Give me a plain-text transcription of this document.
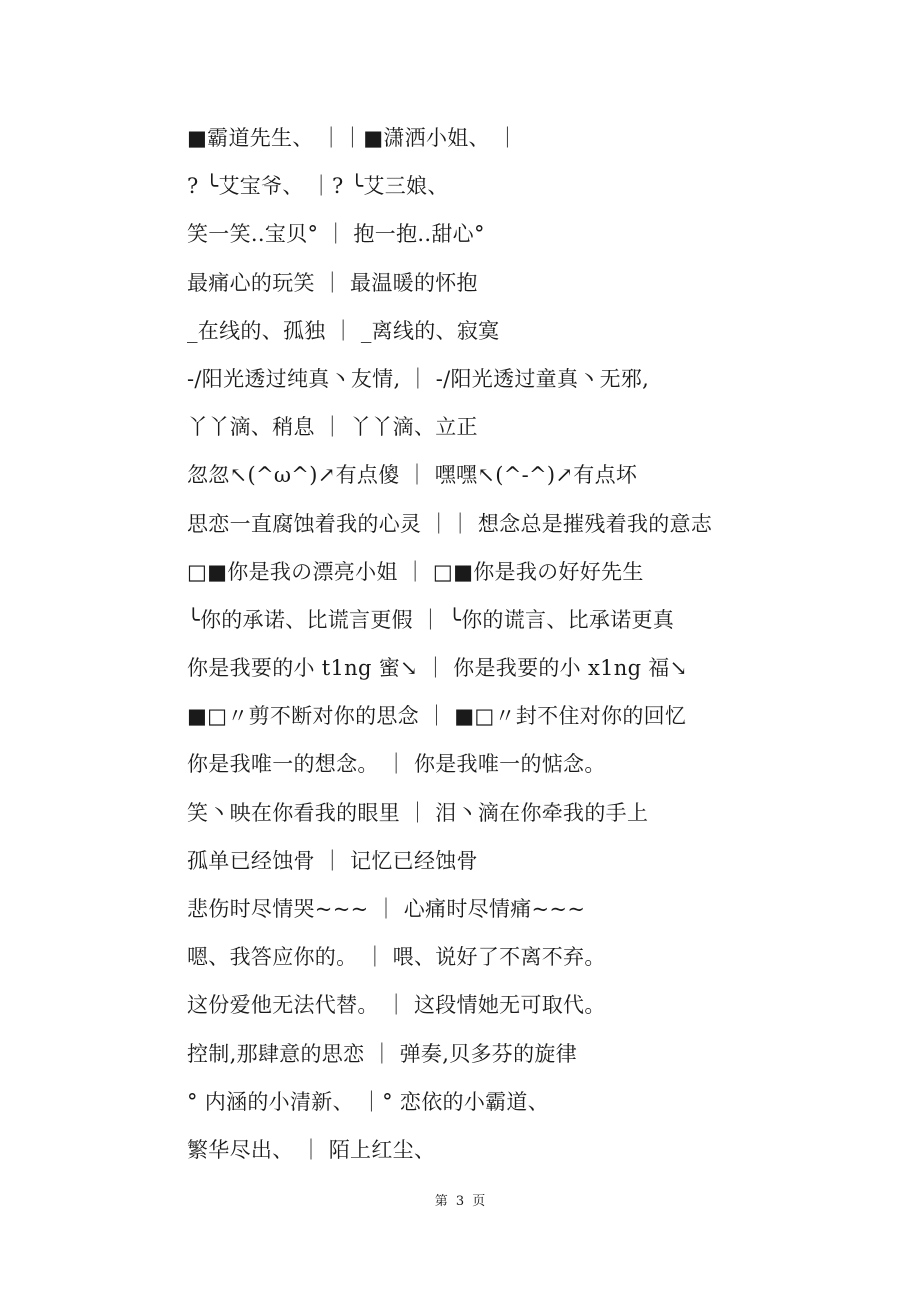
■霸道先生、 ｜｜■潇洒小姐、 ｜
? ╰艾宝爷、 ｜? ╰艾三娘、
笑一笑..宝贝° ｜ 抱一抱..甜心°
最痛心的玩笑 ｜ 最温暖的怀抱
_在线的、孤独 ｜ _离线的、寂寞
-/阳光透过纯真丶友情, ｜ -/阳光透过童真丶无邪,
丫丫滴、稍息 ｜ 丫丫滴、立正
忽忽↖(^ω^)↗有点傻 ｜ 嘿嘿↖(^-^)↗有点坏
思恋一直腐蚀着我的心灵 ｜｜ 想念总是摧残着我的意志
□■你是我の漂亮小姐 ｜ □■你是我の好好先生
╰你的承诺、比谎言更假 ｜ ╰你的谎言、比承诺更真
你是我要的小 t1ng 蜜↘ ｜ 你是我要的小 x1ng 福↘
■□〃剪不断对你的思念 ｜ ■□〃封不住对你的回忆
你是我唯一的想念。 ｜ 你是我唯一的惦念。
笑丶映在你看我的眼里 ｜ 泪丶滴在你牵我的手上
孤单已经蚀骨 ｜ 记忆已经蚀骨
悲伤时尽情哭~~~ ｜ 心痛时尽情痛~~~
嗯、我答应你的。 ｜ 喂、说好了不离不弃。
这份爱他无法代替。 ｜ 这段情她无可取代。
控制,那肆意的思恋 ｜ 弹奏,贝多芬的旋律
° 内涵的小清新、 ｜° 恋依的小霸道、
繁华尽出、 ｜ 陌上红尘、
第 3 页
